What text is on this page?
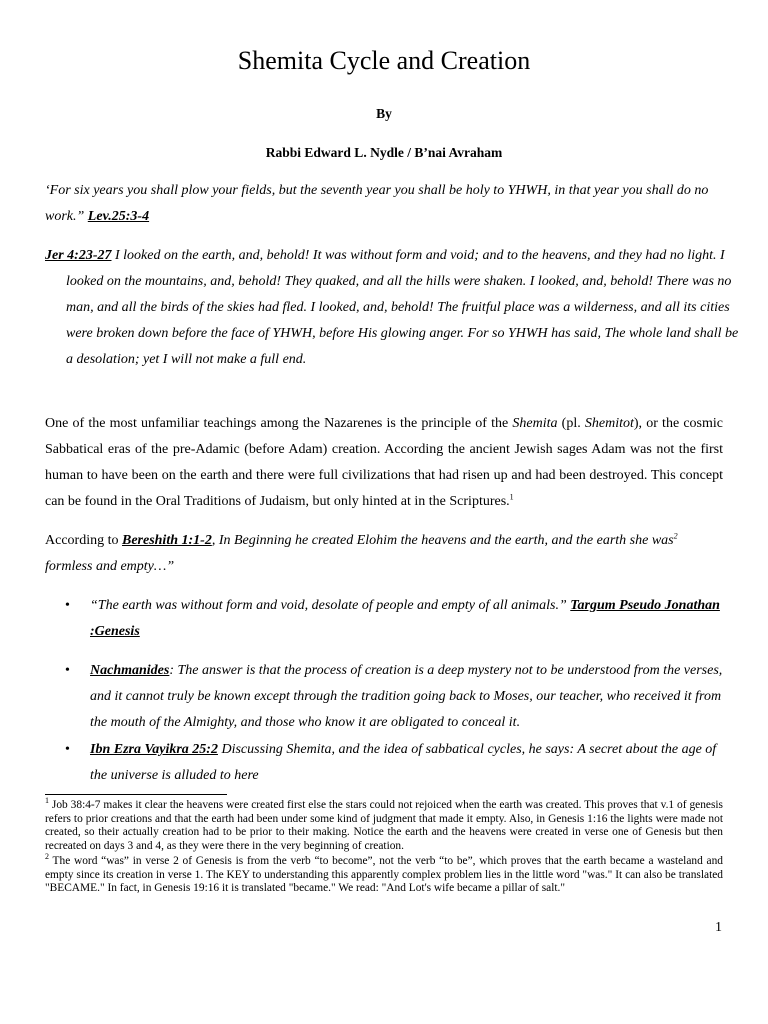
Shemita Cycle and Creation
By
Rabbi Edward L. Nydle / B’nai Avraham
‘For six years you shall plow your fields, but the seventh year you shall be holy to YHWH, in that year you shall do no work.” Lev.25:3-4
Jer 4:23-27 I looked on the earth, and, behold! It was without form and void; and to the heavens, and they had no light. I looked on the mountains, and, behold! They quaked, and all the hills were shaken. I looked, and, behold! There was no man, and all the birds of the skies had fled. I looked, and, behold! The fruitful place was a wilderness, and all its cities were broken down before the face of YHWH, before His glowing anger. For so YHWH has said, The whole land shall be a desolation; yet I will not make a full end.
One of the most unfamiliar teachings among the Nazarenes is the principle of the Shemita (pl. Shemitot), or the cosmic Sabbatical eras of the pre-Adamic (before Adam) creation. According the ancient Jewish sages Adam was not the first human to have been on the earth and there were full civilizations that had risen up and had been destroyed. This concept can be found in the Oral Traditions of Judaism, but only hinted at in the Scriptures.$^1$
According to Bereshith 1:1-2, In Beginning he created Elohim the heavens and the earth, and the earth she was$^2$ formless and empty…”
• “The earth was without form and void, desolate of people and empty of all animals.” Targum Pseudo Jonathan :Genesis
• Nachmanides: The answer is that the process of creation is a deep mystery not to be understood from the verses, and it cannot truly be known except through the tradition going back to Moses, our teacher, who received it from the mouth of the Almighty, and those who know it are obligated to conceal it.
• Ibn Ezra Vayikra 25:2 Discussing Shemita, and the idea of sabbatical cycles, he says: A secret about the age of the universe is alluded to here
$^1$ Job 38:4-7 makes it clear the heavens were created first else the stars could not rejoiced when the earth was created. This proves that v.1 of genesis refers to prior creations and that the earth had been under some kind of judgment that made it empty. Also, in Genesis 1:16 the lights were made not created, so their actually creation had to be prior to their making. Notice the earth and the heavens were created in verse one of Genesis but then recreated on days 3 and 4, as they were there in the very beginning of creation.
$^2$ The word “was” in verse 2 of Genesis is from the verb “to become”, not the verb “to be”, which proves that the earth became a wasteland and empty since its creation in verse 1. The KEY to understanding this apparently complex problem lies in the little word "was." It can also be translated "BECAME." In fact, in Genesis 19:16 it is translated "became." We read: "And Lot's wife became a pillar of salt."
1
